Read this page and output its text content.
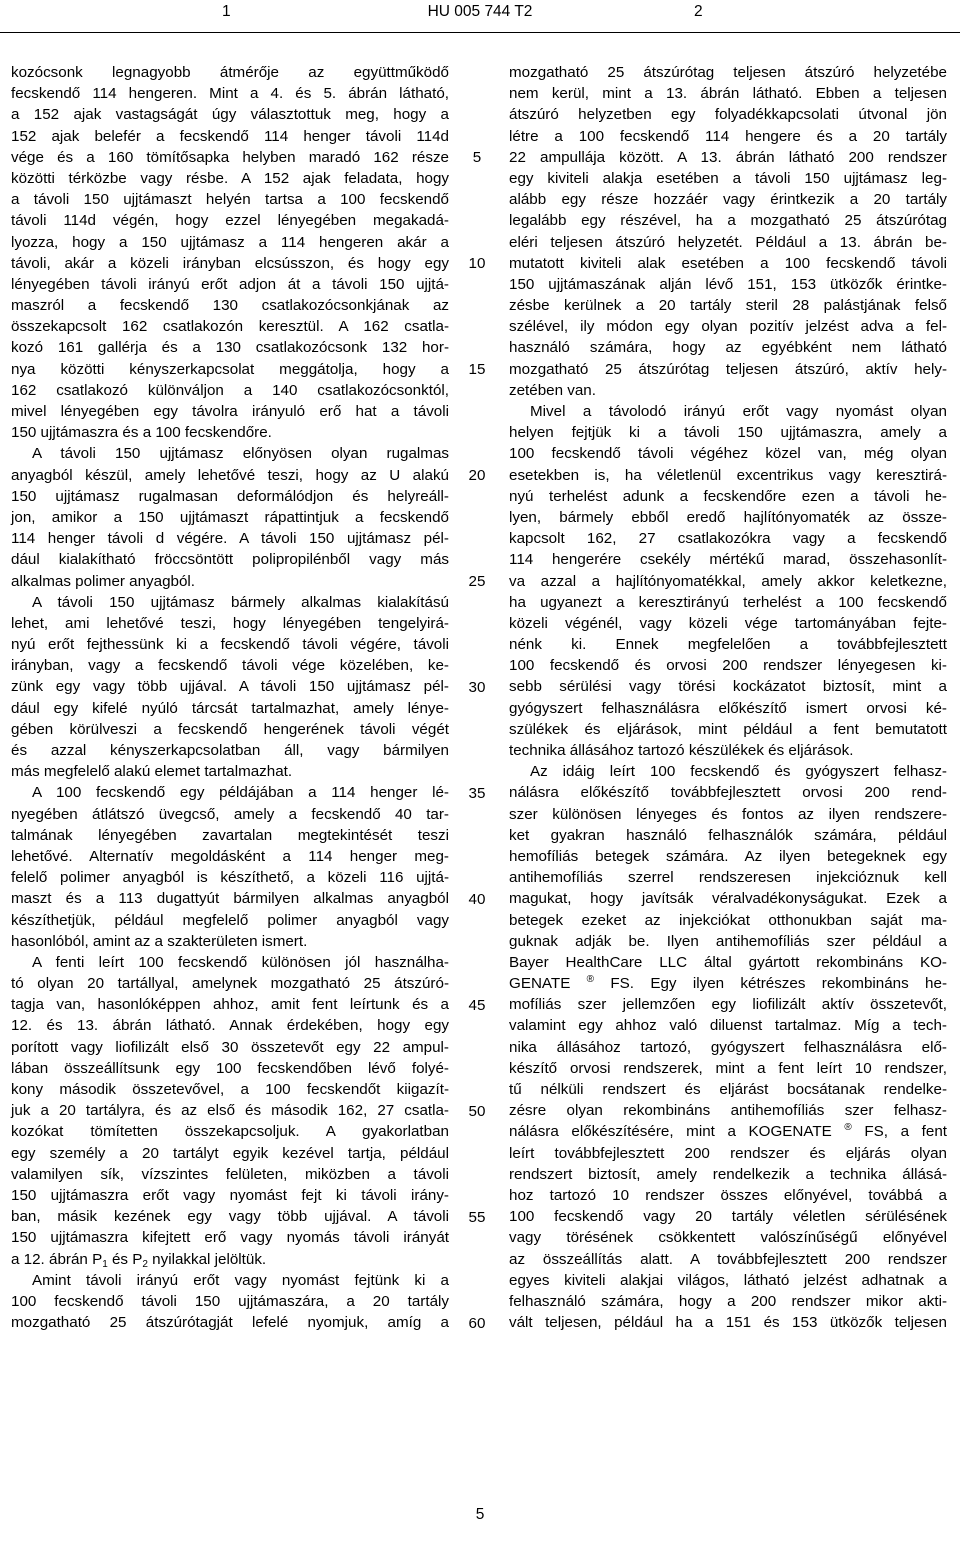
1	HU 005 744 T2	2
kozócsonk legnagyobb átmérője az együttműködő
fecskendő 114 hengeren. Mint a 4. és 5. ábrán látható,
a 152 ajak vastagságát úgy választottuk meg, hogy a
152 ajak belefér a fecskendő 114 henger távoli 114d
vége és a 160 tömítősapka helyben maradó 162 része
közötti térközbe vagy résbe. A 152 ajak feladata, hogy
a távoli 150 ujjtámaszt helyén tartsa a 100 fecskendő
távoli 114d végén, hogy ezzel lényegében megakadá-
lyozza, hogy a 150 ujjtámasz a 114 hengeren akár a
távoli, akár a közeli irányban elcsússzon, és hogy egy
lényegében távoli irányú erőt adjon át a távoli 150 ujjtá-
maszról a fecskendő 130 csatlakozócsonkjának az
összekapcsolt 162 csatlakozón keresztül. A 162 csatla-
kozó 161 gallérja és a 130 csatlakozócsonk 132 hor-
nya közötti kényszerkapcsolat meggátolja, hogy a
162 csatlakozó különváljon a 140 csatlakozócsonktól,
mivel lényegében egy távolra irányuló erő hat a távoli
150 ujjtámaszra és a 100 fecskendőre.
A távoli 150 ujjtámasz előnyösen olyan rugalmas
anyagból készül, amely lehetővé teszi, hogy az U alakú
150 ujjtámasz rugalmasan deformálódjon és helyreáll-
jon, amikor a 150 ujjtámaszt rápattintjuk a fecskendő
114 henger távoli d végére. A távoli 150 ujjtámasz pél-
dául kialakítható fröccsöntött polipropilénből vagy más
alkalmas polimer anyagból.
A távoli 150 ujjtámasz bármely alkalmas kialakítású
lehet, ami lehetővé teszi, hogy lényegében tengelyirá-
nyú erőt fejthessünk ki a fecskendő távoli végére, távoli
irányban, vagy a fecskendő távoli vége közelében, ke-
zünk egy vagy több ujjával. A távoli 150 ujjtámasz pél-
dául egy kifelé nyúló tárcsát tartalmazhat, amely lénye-
gében körülveszi a fecskendő hengerének távoli végét
és azzal kényszerkapcsolatban áll, vagy bármilyen
más megfelelő alakú elemet tartalmazhat.
A 100 fecskendő egy példájában a 114 henger lé-
nyegében átlátszó üvegcső, amely a fecskendő 40 tar-
talmának lényegében zavartalan megtekintését teszi
lehetővé. Alternatív megoldásként a 114 henger meg-
felelő polimer anyagból is készíthető, a közeli 116 ujjtá-
maszt és a 113 dugattyút bármilyen alkalmas anyagból
készíthetjük, például megfelelő polimer anyagból vagy
hasonlóból, amint az a szakterületen ismert.
A fenti leírt 100 fecskendő különösen jól használha-
tó olyan 20 tartállyal, amelynek mozgatható 25 átszúró-
tagja van, hasonlóképpen ahhoz, amit fent leírtunk és a
12. és 13. ábrán látható. Annak érdekében, hogy egy
porított vagy liofilizált első 30 összetevőt egy 22 ampul-
lában összeállítsunk egy 100 fecskendőben lévő folyé-
kony második összetevővel, a 100 fecskendőt kiigazít-
juk a 20 tartályra, és az első és második 162, 27 csatla-
kozókat tömítetten összekapcsoljuk. A gyakorlatban
egy személy a 20 tartályt egyik kezével tartja, például
valamilyen sík, vízszintes felületen, miközben a távoli
150 ujjtámaszra erőt vagy nyomást fejt ki távoli irány-
ban, másik kezének egy vagy több ujjával. A távoli
150 ujjtámaszra kifejtett erő vagy nyomás távoli irányát
a 12. ábrán $P_1$ és $P_2$ nyilakkal jelöltük.
Amint távoli irányú erőt vagy nyomást fejtünk ki a
100 fecskendő távoli 150 ujjtámaszára, a 20 tartály
mozgatható 25 átszúrótagját lefelé nyomjuk, amíg a
5
10
15
20
25
30
35
40
45
50
55
60
mozgatható 25 átszúrótag teljesen átszúró helyzetébe
nem kerül, mint a 13. ábrán látható. Ebben a teljesen
átszúró helyzetben egy folyadékkapcsolati útvonal jön
létre a 100 fecskendő 114 hengere és a 20 tartály
22 ampullája között. A 13. ábrán látható 200 rendszer
egy kiviteli alakja esetében a távoli 150 ujjtámasz leg-
alább egy része hozzáér vagy érintkezik a 20 tartály
legalább egy részével, ha a mozgatható 25 átszúrótag
eléri teljesen átszúró helyzetét. Például a 13. ábrán be-
mutatott kiviteli alak esetében a 100 fecskendő távoli
150 ujjtámaszának alján lévő 151, 153 ütközők érintke-
zésbe kerülnek a 20 tartály steril 28 palástjának felső
szélével, ily módon egy olyan pozitív jelzést adva a fel-
használó számára, hogy az egyébként nem látható
mozgatható 25 átszúrótag teljesen átszúró, aktív hely-
zetében van.
Mivel a távolodó irányú erőt vagy nyomást olyan
helyen fejtjük ki a távoli 150 ujjtámaszra, amely a
100 fecskendő távoli végéhez közel van, még olyan
esetekben is, ha véletlenül excentrikus vagy keresztirá-
nyú terhelést adunk a fecskendőre ezen a távoli he-
lyen, bármely ebből eredő hajlítónyomaték az össze-
kapcsolt 162, 27 csatlakozókra vagy a fecskendő
114 hengerére csekély mértékű marad, összehasonlít-
va azzal a hajlítónyomatékkal, amely akkor keletkezne,
ha ugyanezt a keresztirányú terhelést a 100 fecskendő
közeli végénél, vagy közeli vége tartományában fejte-
nénk ki. Ennek megfelelően a továbbfejlesztett
100 fecskendő és orvosi 200 rendszer lényegesen ki-
sebb sérülési vagy törési kockázatot biztosít, mint a
gyógyszert felhasználásra előkészítő ismert orvosi ké-
szülékek és eljárások, mint például a fent bemutatott
technika állásához tartozó készülékek és eljárások.
Az idáig leírt 100 fecskendő és gyógyszert felhasz-
nálásra előkészítő továbbfejlesztett orvosi 200 rend-
szer különösen lényeges és fontos az ilyen rendszere-
ket gyakran használó felhasználók számára, például
hemofíliás betegek számára. Az ilyen betegeknek egy
antihemofíliás szerrel rendszeresen injekcióznuk kell
magukat, hogy javítsák véralvadékonyságukat. Ezek a
betegek ezeket az injekciókat otthonukban saját ma-
guknak adják be. Ilyen antihemofíliás szer például a
Bayer HealthCare LLC által gyártott rekombináns KO-
GENATE ® FS. Egy ilyen kétrészes rekombináns he-
mofíliás szer jellemzően egy liofilizált aktív összetevőt,
valamint egy ahhoz való diluenst tartalmaz. Míg a tech-
nika állásához tartozó, gyógyszert felhasználásra elő-
készítő orvosi rendszerek, mint a fent leírt 10 rendszer,
tű nélküli rendszert és eljárást bocsátanak rendelke-
zésre olyan rekombináns antihemofíliás szer felhasz-
nálásra előkészítésére, mint a KOGENATE ® FS, a fent
leírt továbbfejlesztett 200 rendszer és eljárás olyan
rendszert biztosít, amely rendelkezik a technika állásá-
hoz tartozó 10 rendszer összes előnyével, továbbá a
100 fecskendő vagy 20 tartály véletlen sérülésének
vagy törésének csökkentett valószínűségű előnyével
az összeállítás alatt. A továbbfejlesztett 200 rendszer
egyes kiviteli alakjai világos, látható jelzést adhatnak a
felhasználó számára, hogy a 200 rendszer mikor akti-
vált teljesen, például ha a 151 és 153 ütközők teljesen
5
